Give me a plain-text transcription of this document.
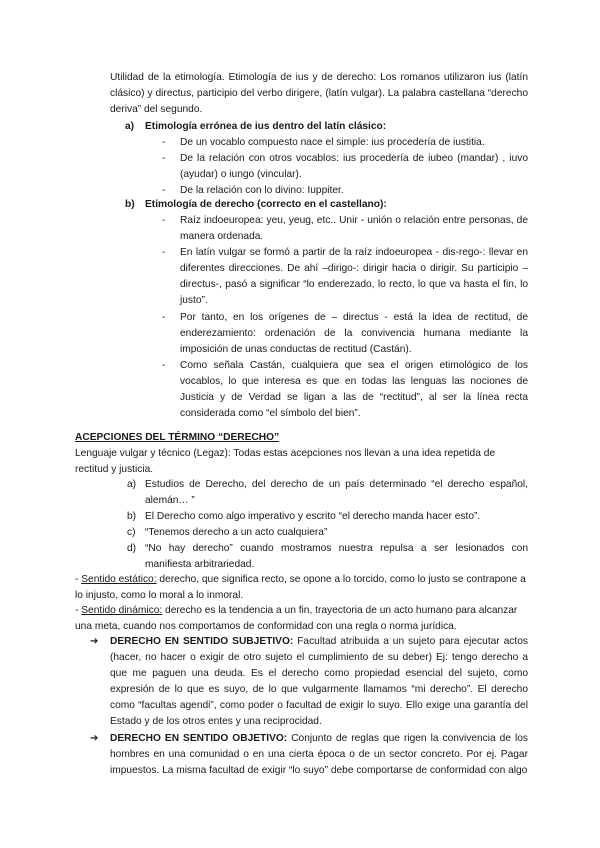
Utilidad de la etimología. Etimología de ius y de derecho: Los romanos utilizaron ius (latín clásico) y directus, participio del verbo dirigere, (latín vulgar). La palabra castellana “derecho deriva” del segundo.

a) Etimología errónea de ius dentro del latín clásico:
- De un vocablo compuesto nace el simple: ius procedería de iustitia.

- De la relación con otros vocablos: ius procedería de iubeo (mandar) , iuvo (ayudar) o iungo (vincular).

- De la relación con lo divino: Iuppiter.

b) Etimología de derecho (correcto en el castellano):
- Raíz indoeuropea: yeu, yeug, etc.. Unir - unión o relación entre personas, de manera ordenada.

- En latín vulgar se formó a partir de la raíz indoeuropea - dis-rego-: llevar en diferentes direcciones. De ahí –dirigo-: dirigir hacia o dirigir. Su participio –directus-, pasó a significar “lo enderezado, lo recto, lo que va hasta el fin, lo justo”.

- Por tanto, en los orígenes de – directus - está la idea de rectitud, de enderezamiento: ordenación de la convivencia humana mediante la imposición de unas conductas de rectitud (Castán).

- Como señala Castán, cualquiera que sea el origen etimológico de los vocablos, lo que interesa es que en todas las lenguas las nociones de Justicia y de Verdad se ligan a las de “rectitud”, al ser la línea recta considerada como “el símbolo del bien”.

ACEPCIONES DEL TÉRMINO “DERECHO”

Lenguaje vulgar y técnico (Legaz): Todas estas acepciones nos llevan a una idea repetida de rectitud y justicia.

a) Estudios de Derecho, del derecho de un país determinado “el derecho español, alemán… ”

b) El Derecho como algo imperativo y escrito “el derecho manda hacer esto”.

c) “Tenemos derecho a un acto cualquiera”

d) “No hay derecho” cuando mostramos nuestra repulsa a ser lesionados con manifiesta arbitrariedad.

- Sentido estático: derecho, que significa recto, se opone a lo torcido, como lo justo se contrapone a lo injusto, como lo moral a lo inmoral.

- Sentido dinámico: derecho es la tendencia a un fin, trayectoria de un acto humano para alcanzar una meta, cuando nos comportamos de conformidad con una regla o norma jurídica.

➔ DERECHO EN SENTIDO SUBJETIVO: Facultad atribuida a un sujeto para ejecutar actos (hacer, no hacer o exigir de otro sujeto el cumplimiento de su deber) Ej: tengo derecho a que me paguen una deuda. Es el derecho como propiedad esencial del sujeto, como expresión de lo que es suyo, de lo que vulgarmente llamamos “mi derecho”. El derecho como “facultas agendi”, como poder o facultad de exigir lo suyo. Ello exige una garantía del Estado y de los otros entes y una reciprocidad.

➔ DERECHO EN SENTIDO OBJETIVO: Conjunto de reglas que rigen la convivencia de los hombres en una comunidad o en una cierta época o de un sector concreto. Por ej. Pagar impuestos. La misma facultad de exigir “lo suyo” debe comportarse de conformidad con algo
